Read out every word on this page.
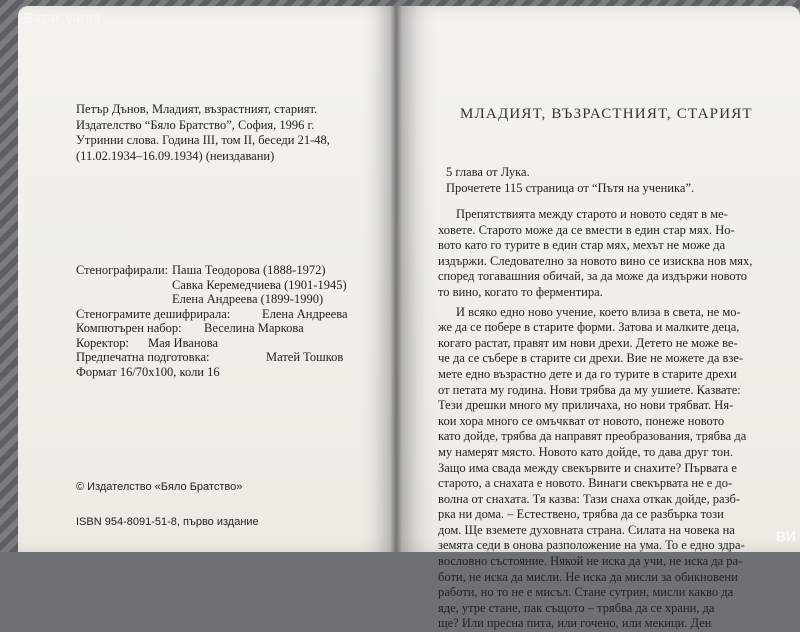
Bazar Varna
ВИ
Петър Дънов, Младият, възрастният, старият.
Издателство “Бяло Братство”, София, 1996 г.
Утринни слова. Година III, том II, беседи 21-48,
(11.02.1934–16.09.1934) (неиздавани)
Стенографирали: Паша Теодорова (1888-1972)
Савка Керемедчиева (1901-1945)
Елена Андреева (1899-1990)
Стенограмите дешифрирала:	Елена Андреева
Компютърен набор: Веселина Маркова
Коректор: Мая Иванова
Предпечатна подготовка:	Матей Тошков
Формат 16/70х100, коли 16
© Издателство «Бяло Братство»
ISBN 954-8091-51-8, първо издание
МЛАДИЯТ, ВЪЗРАСТНИЯТ, СТАРИЯТ
5 глава от Лука.
Прочетете 115 страница от “Пътя на ученика”.
Препятствията между старото и новото седят в ме-
ховете. Старото може да се вмести в един стар мях. Но-
вото като го турите в един стар мях, мехът не може да
издържи. Следователно за новото вино се изисква нов мях,
според тогавашния обичай, за да може да издържи новото
то вино, когато то ферментира.
И всяко едно ново учение, което влиза в света, не мо-
же да се побере в старите форми. Затова и малките деца,
когато растат, правят им нови дрехи. Детето не може ве-
че да се събере в старите си дрехи. Вие не можете да взе-
мете едно възрастно дете и да го турите в старите дрехи
от петата му година. Нови трябва да му ушиете. Казвате:
Тези дрешки много му приличаха, но нови трябват. Ня-
кои хора много се омъчкват от новото, понеже новото
като дойде, трябва да направят преобразования, трябва да
му намерят място. Новото като дойде, то дава друг тон.
Защо има свада между свекървите и снахите? Първата е
старото, а снахата е новото. Винаги свекървата не е до-
волна от снахата. Тя казва: Тази снаха откак дойде, разб-
рка ни дома. – Естествено, трябва да се разбърка този
дом. Ще вземете духовната страна. Силата на човека на
земята седи в онова разположение на ума. То е едно здра-
вословно състояние. Някой не иска да учи, не иска да ра-
боти, не иска да мисли. Не иска да мисли за обикновени
работи, но то не е мисъл. Стане сутрин, мисли какво да
яде, утре стане, пак същото – трябва да се храни, да
ще? Или пресна пита, или гочено, или мекици. Ден
